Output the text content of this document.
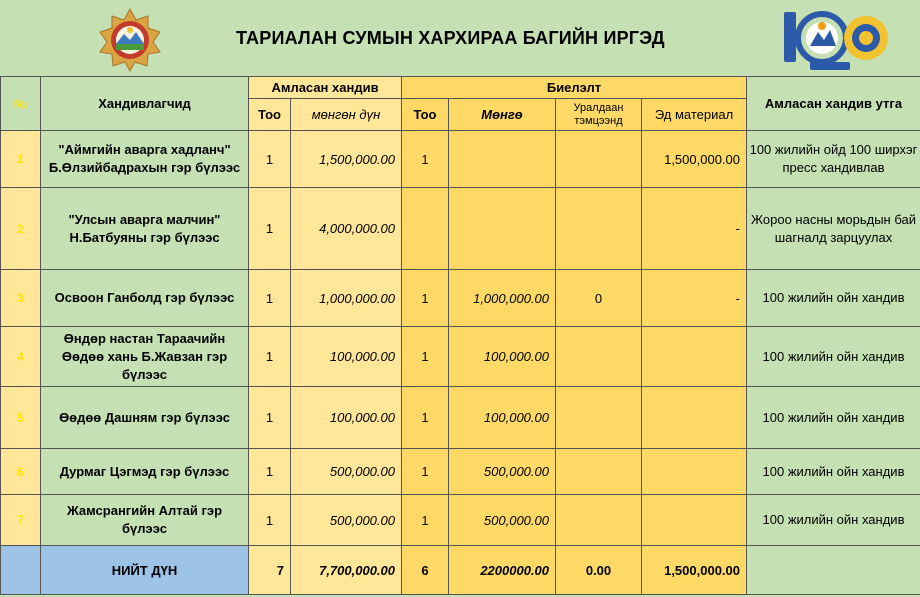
ТАРИАЛАН СУМЫН ХАРХИРАА БАГИЙН ИРГЭД
№	Хандивлагчид	Амласан хандив		Биелэлт				Амласан хандив утга
		Тоо	мөнгөн дүн	Тоо	Мөнгө	Уралдаан тэмцээнд	Эд материал	
1	"Аймгийн аварга хадланч" Б.Өлзийбадрахын гэр бүлээс	1	1,500,000.00	1			1,500,000.00	100 жилийн ойд 100 ширхэг пресс хандивлав
2	"Улсын аварга малчин" Н.Батбуяны гэр бүлээс	1	4,000,000.00				-	Жороо насны морьдын бай шагналд зарцуулах
3	Освоон Ганболд гэр бүлээс	1	1,000,000.00	1	1,000,000.00	0	-	100 жилийн ойн хандив
4	Өндөр настан Тараачийн Өөдөө хань Б.Жавзан гэр бүлээс	1	100,000.00	1	100,000.00			100 жилийн ойн хандив
5	Өөдөө Дашням гэр бүлээс	1	100,000.00	1	100,000.00			100 жилийн ойн хандив
6	Дурмаг Цэгмэд гэр бүлээс	1	500,000.00	1	500,000.00			100 жилийн ойн хандив
7	Жамсрангийн Алтай гэр бүлээс	1	500,000.00	1	500,000.00			100 жилийн ойн хандив
	НИЙТ ДҮН	7	7,700,000.00	6	2200000.00	0.00	1,500,000.00	
